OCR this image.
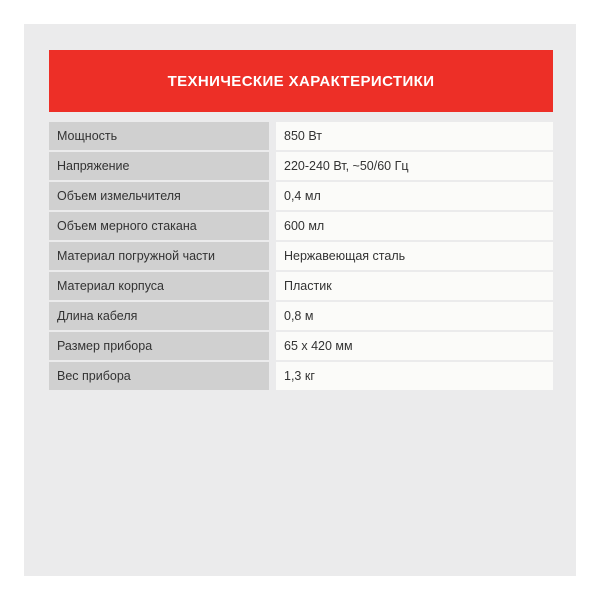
ТЕХНИЧЕСКИЕ ХАРАКТЕРИСТИКИ
Мощность	850 Вт
Напряжение	220-240 Вт, ~50/60 Гц
Объем измельчителя	0,4 мл
Объем мерного стакана	600 мл
Материал погружной части	Нержавеющая сталь
Материал корпуса	Пластик
Длина кабеля	0,8 м
Размер прибора	65 х 420 мм
Вес прибора	1,3 кг
